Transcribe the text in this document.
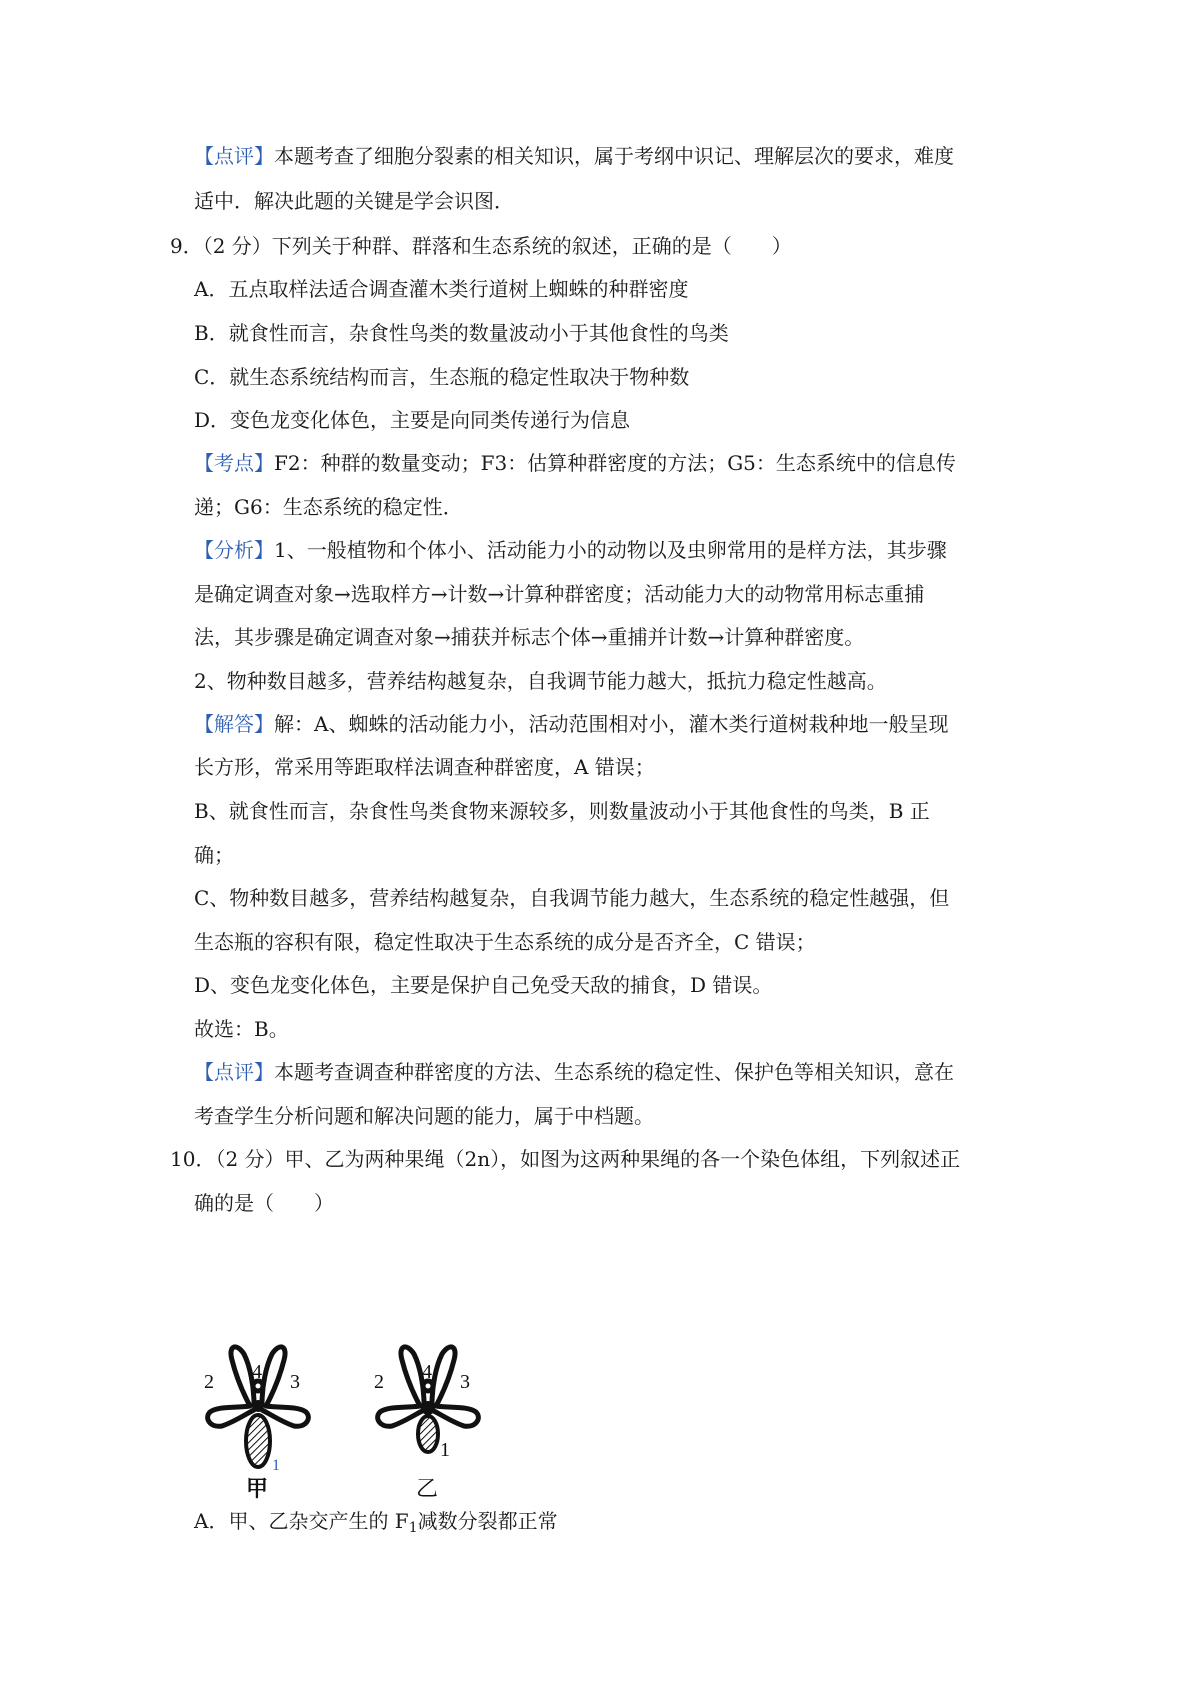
【点评】本题考查了细胞分裂素的相关知识，属于考纲中识记、理解层次的要求，难度
适中．解决此题的关键是学会识图．
9．（2 分）下列关于种群、群落和生态系统的叙述，正确的是（　　）
A．五点取样法适合调查灌木类行道树上蜘蛛的种群密度
B．就食性而言，杂食性鸟类的数量波动小于其他食性的鸟类
C．就生态系统结构而言，生态瓶的稳定性取决于物种数
D．变色龙变化体色，主要是向同类传递行为信息
【考点】F2：种群的数量变动；F3：估算种群密度的方法；G5：生态系统中的信息传
递；G6：生态系统的稳定性．
【分析】1、一般植物和个体小、活动能力小的动物以及虫卵常用的是样方法，其步骤
是确定调查对象→选取样方→计数→计算种群密度；活动能力大的动物常用标志重捕
法，其步骤是确定调查对象→捕获并标志个体→重捕并计数→计算种群密度。
2、物种数目越多，营养结构越复杂，自我调节能力越大，抵抗力稳定性越高。
【解答】解：A、蜘蛛的活动能力小，活动范围相对小，灌木类行道树栽种地一般呈现
长方形，常采用等距取样法调查种群密度，A 错误；
B、就食性而言，杂食性鸟类食物来源较多，则数量波动小于其他食性的鸟类，B 正
确；
C、物种数目越多，营养结构越复杂，自我调节能力越大，生态系统的稳定性越强，但
生态瓶的容积有限，稳定性取决于生态系统的成分是否齐全，C 错误；
D、变色龙变化体色，主要是保护自己免受天敌的捕食，D 错误。
故选：B。
【点评】本题考查调查种群密度的方法、生态系统的稳定性、保护色等相关知识，意在
考查学生分析问题和解决问题的能力，属于中档题。
10．（2 分）甲、乙为两种果绳（2n），如图为这两种果绳的各一个染色体组，下列叙述正
确的是（　　）
2	3
4
1
甲
2	3
4
1
乙
A．甲、乙杂交产生的 $F_1$减数分裂都正常
